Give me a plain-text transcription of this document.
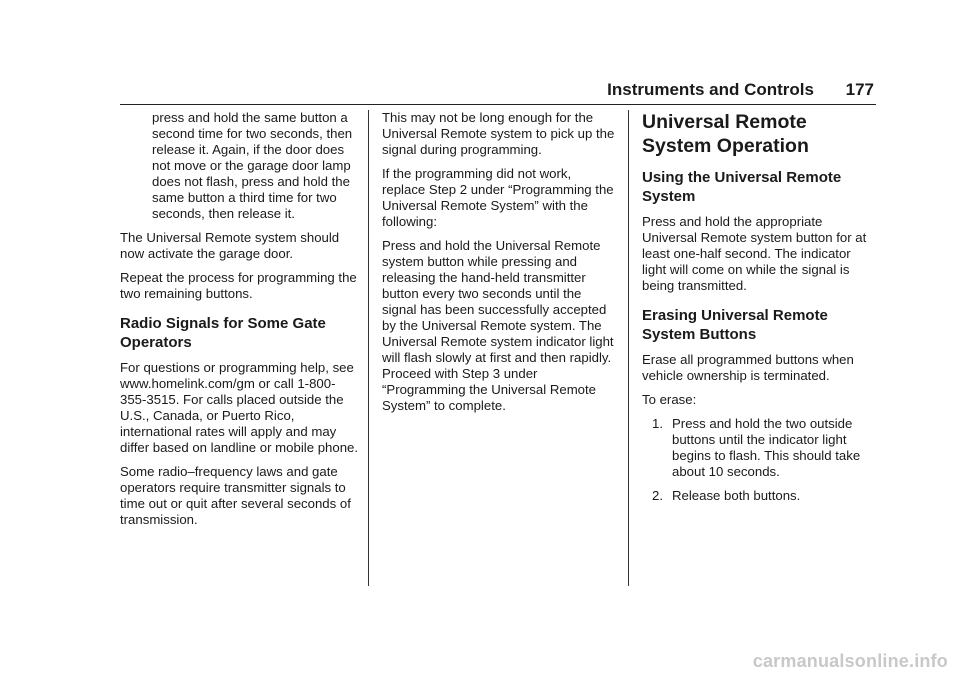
Instruments and Controls 177

press and hold the same button a second time for two seconds, then release it. Again, if the door does not move or the garage door lamp does not flash, press and hold the same button a third time for two seconds, then release it.

The Universal Remote system should now activate the garage door.

Repeat the process for programming the two remaining buttons.

Radio Signals for Some Gate Operators

For questions or programming help, see www.homelink.com/gm or call 1-800-355-3515. For calls placed outside the U.S., Canada, or Puerto Rico, international rates will apply and may differ based on landline or mobile phone.

Some radio–frequency laws and gate operators require transmitter signals to time out or quit after several seconds of transmission.

This may not be long enough for the Universal Remote system to pick up the signal during programming.

If the programming did not work, replace Step 2 under “Programming the Universal Remote System” with the following:

Press and hold the Universal Remote system button while pressing and releasing the hand-held transmitter button every two seconds until the signal has been successfully accepted by the Universal Remote system. The Universal Remote system indicator light will flash slowly at first and then rapidly. Proceed with Step 3 under “Programming the Universal Remote System” to complete.

Universal Remote System Operation
Using the Universal Remote System

Press and hold the appropriate Universal Remote system button for at least one-half second. The indicator light will come on while the signal is being transmitted.

Erasing Universal Remote System Buttons

Erase all programmed buttons when vehicle ownership is terminated.

To erase:

1. Press and hold the two outside buttons until the indicator light begins to flash. This should take about 10 seconds.
2. Release both buttons.
carmanualsonline.info
